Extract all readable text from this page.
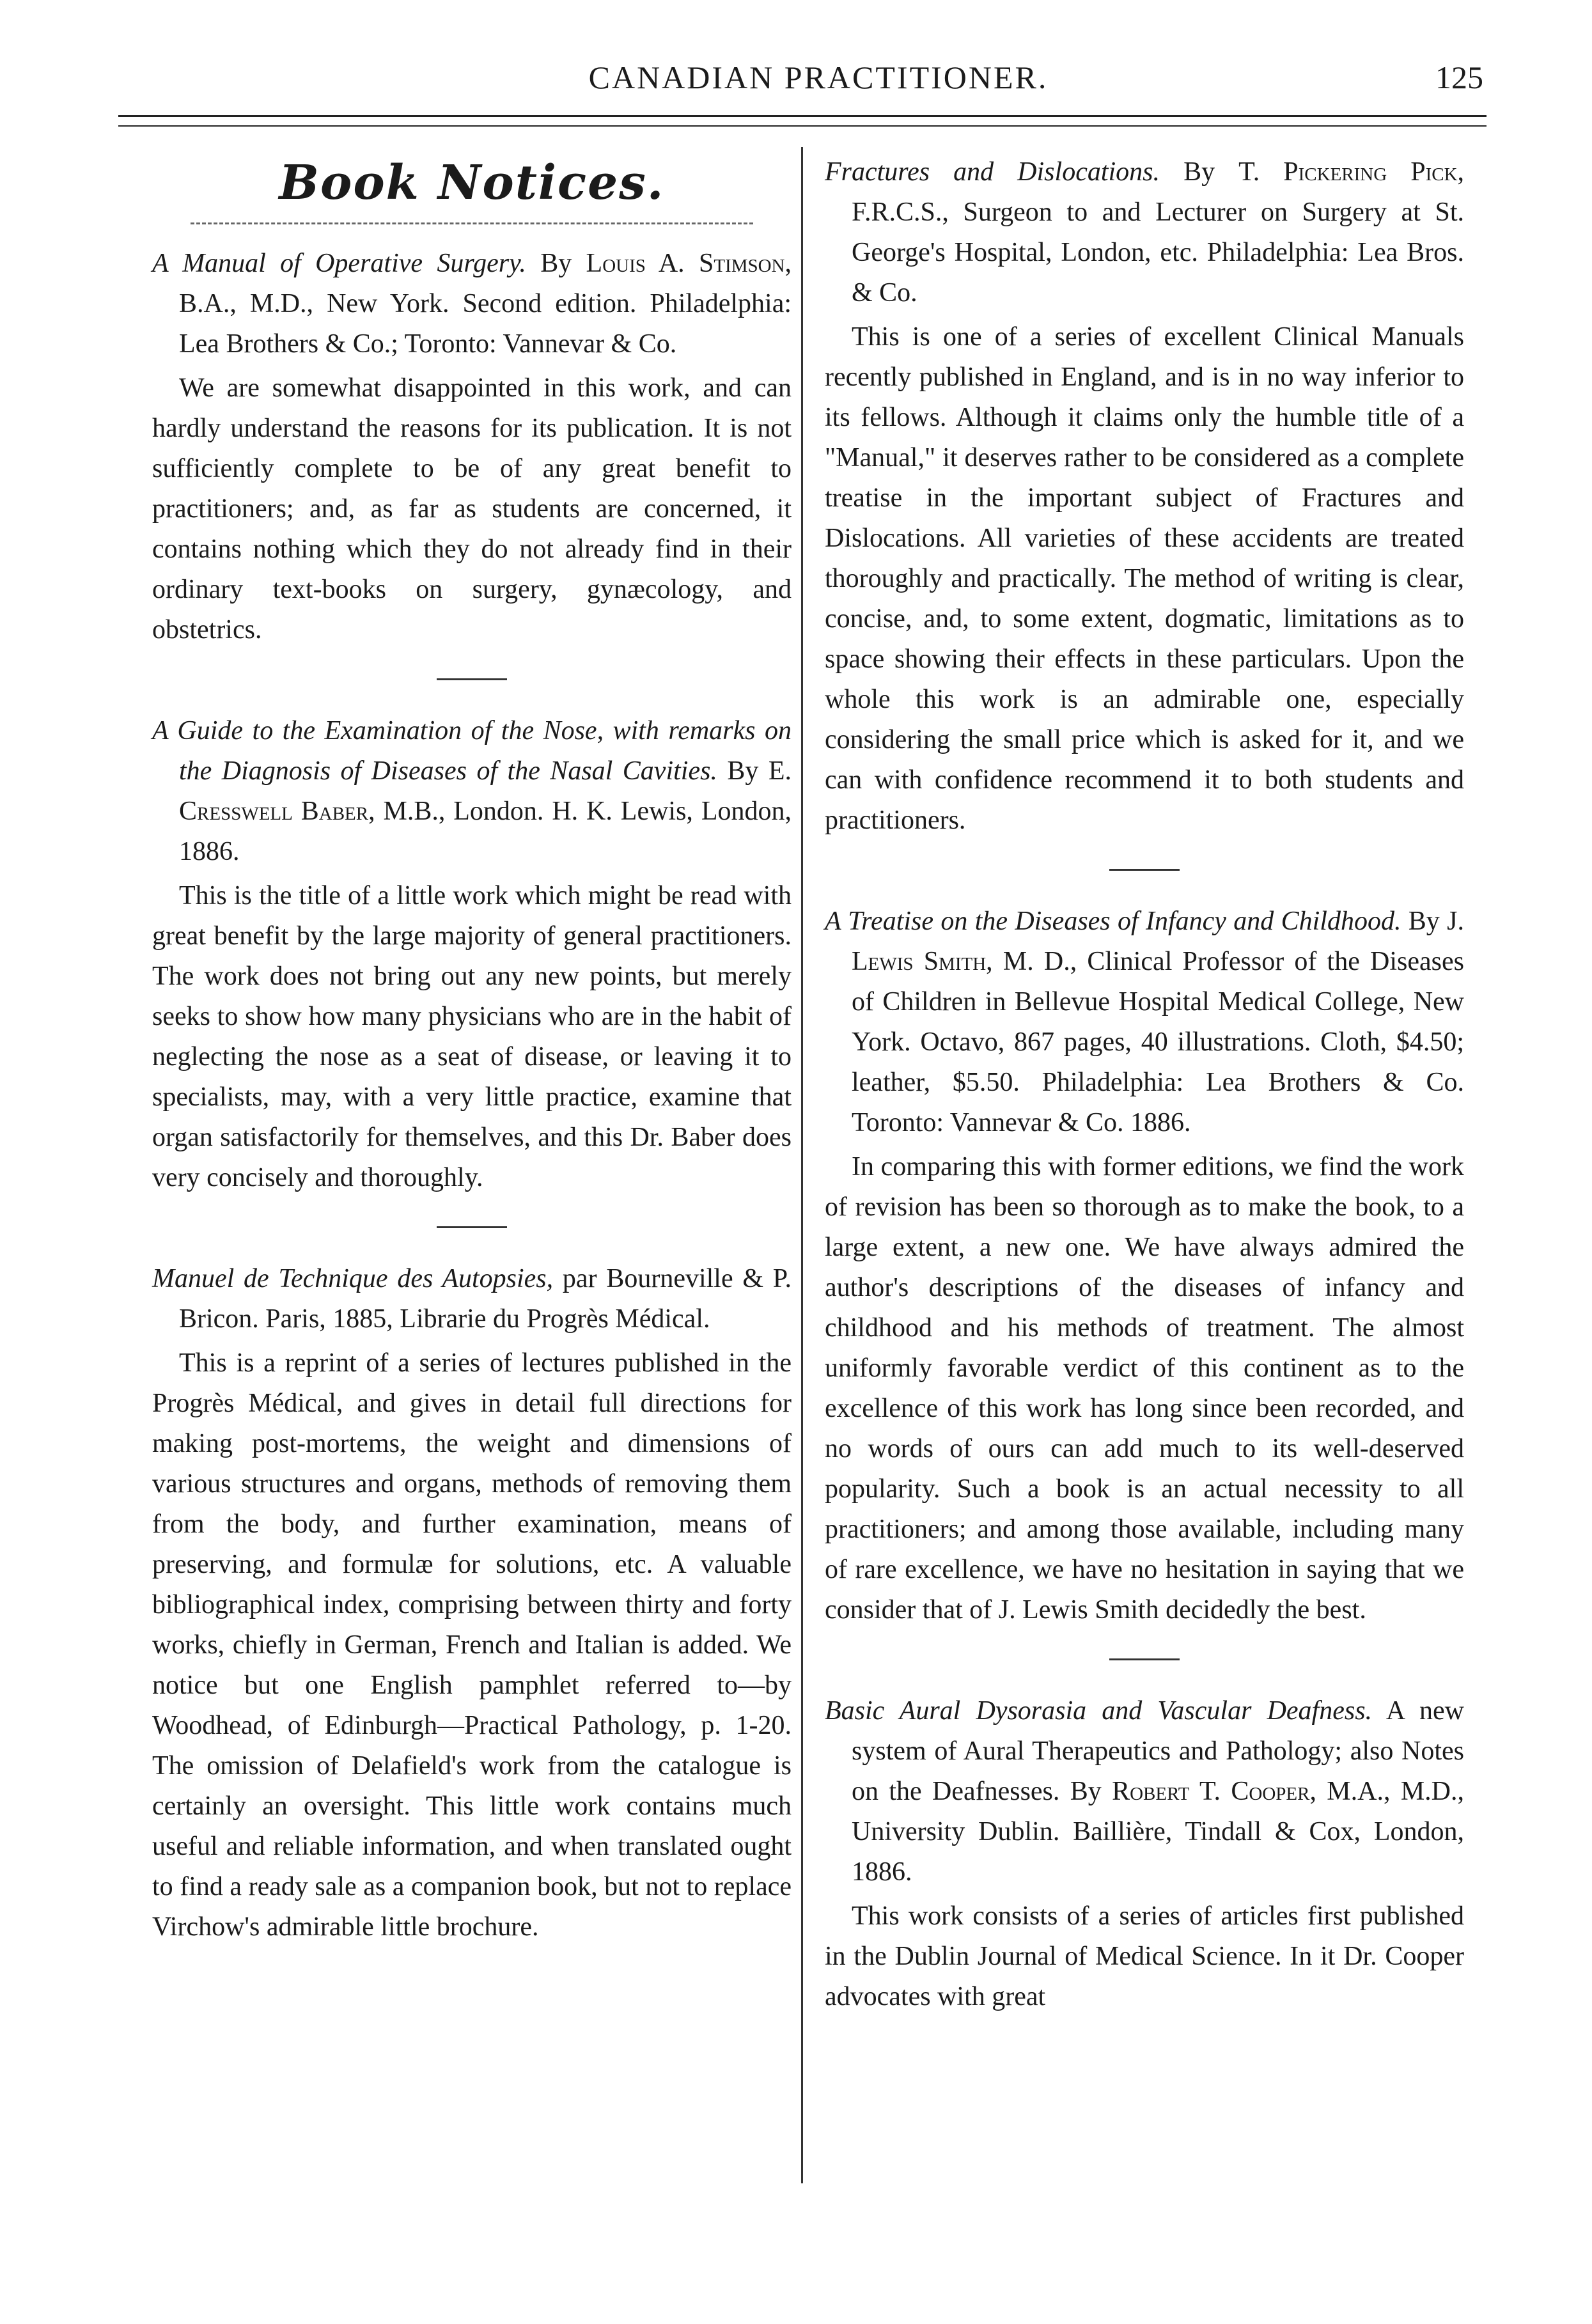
CANADIAN PRACTITIONER.	125
Book Notices.

A Manual of Operative Surgery. By Louis A. Stimson, B.A., M.D., New York. Second edition. Philadelphia: Lea Brothers & Co.; Toronto: Vannevar & Co.

We are somewhat disappointed in this work, and can hardly understand the reasons for its publication. It is not sufficiently complete to be of any great benefit to practitioners; and, as far as students are concerned, it contains nothing which they do not already find in their ordinary text-books on surgery, gynæcology, and obstetrics.

A Guide to the Examination of the Nose, with remarks on the Diagnosis of Diseases of the Nasal Cavities. By E. Cresswell Baber, M.B., London. H. K. Lewis, London, 1886.

This is the title of a little work which might be read with great benefit by the large majority of general practitioners. The work does not bring out any new points, but merely seeks to show how many physicians who are in the habit of neglecting the nose as a seat of disease, or leaving it to specialists, may, with a very little practice, examine that organ satisfactorily for themselves, and this Dr. Baber does very concisely and thoroughly.

Manuel de Technique des Autopsies, par Bourneville & P. Bricon. Paris, 1885, Librarie du Progrès Médical.

This is a reprint of a series of lectures published in the Progrès Médical, and gives in detail full directions for making post-mortems, the weight and dimensions of various structures and organs, methods of removing them from the body, and further examination, means of preserving, and formulæ for solutions, etc. A valuable bibliographical index, comprising between thirty and forty works, chiefly in German, French and Italian is added. We notice but one English pamphlet referred to—by Woodhead, of Edinburgh—Practical Pathology, p. 1-20. The omission of Delafield's work from the catalogue is certainly an oversight. This little work contains much useful and reliable information, and when translated ought to find a ready sale as a companion book, but not to replace Virchow's admirable little brochure.

Fractures and Dislocations. By T. Pickering Pick, F.R.C.S., Surgeon to and Lecturer on Surgery at St. George's Hospital, London, etc. Philadelphia: Lea Bros. & Co.

This is one of a series of excellent Clinical Manuals recently published in England, and is in no way inferior to its fellows. Although it claims only the humble title of a "Manual," it deserves rather to be considered as a complete treatise in the important subject of Fractures and Dislocations. All varieties of these accidents are treated thoroughly and practically. The method of writing is clear, concise, and, to some extent, dogmatic, limitations as to space showing their effects in these particulars. Upon the whole this work is an admirable one, especially considering the small price which is asked for it, and we can with confidence recommend it to both students and practitioners.

A Treatise on the Diseases of Infancy and Childhood. By J. Lewis Smith, M. D., Clinical Professor of the Diseases of Children in Bellevue Hospital Medical College, New York. Octavo, 867 pages, 40 illustrations. Cloth, $4.50; leather, $5.50. Philadelphia: Lea Brothers & Co. Toronto: Vannevar & Co. 1886.

In comparing this with former editions, we find the work of revision has been so thorough as to make the book, to a large extent, a new one. We have always admired the author's descriptions of the diseases of infancy and childhood and his methods of treatment. The almost uniformly favorable verdict of this continent as to the excellence of this work has long since been recorded, and no words of ours can add much to its well-deserved popularity. Such a book is an actual necessity to all practitioners; and among those available, including many of rare excellence, we have no hesitation in saying that we consider that of J. Lewis Smith decidedly the best.

Basic Aural Dysorasia and Vascular Deafness. A new system of Aural Therapeutics and Pathology; also Notes on the Deafnesses. By Robert T. Cooper, M.A., M.D., University Dublin. Baillière, Tindall & Cox, London, 1886.

This work consists of a series of articles first published in the Dublin Journal of Medical Science. In it Dr. Cooper advocates with great
